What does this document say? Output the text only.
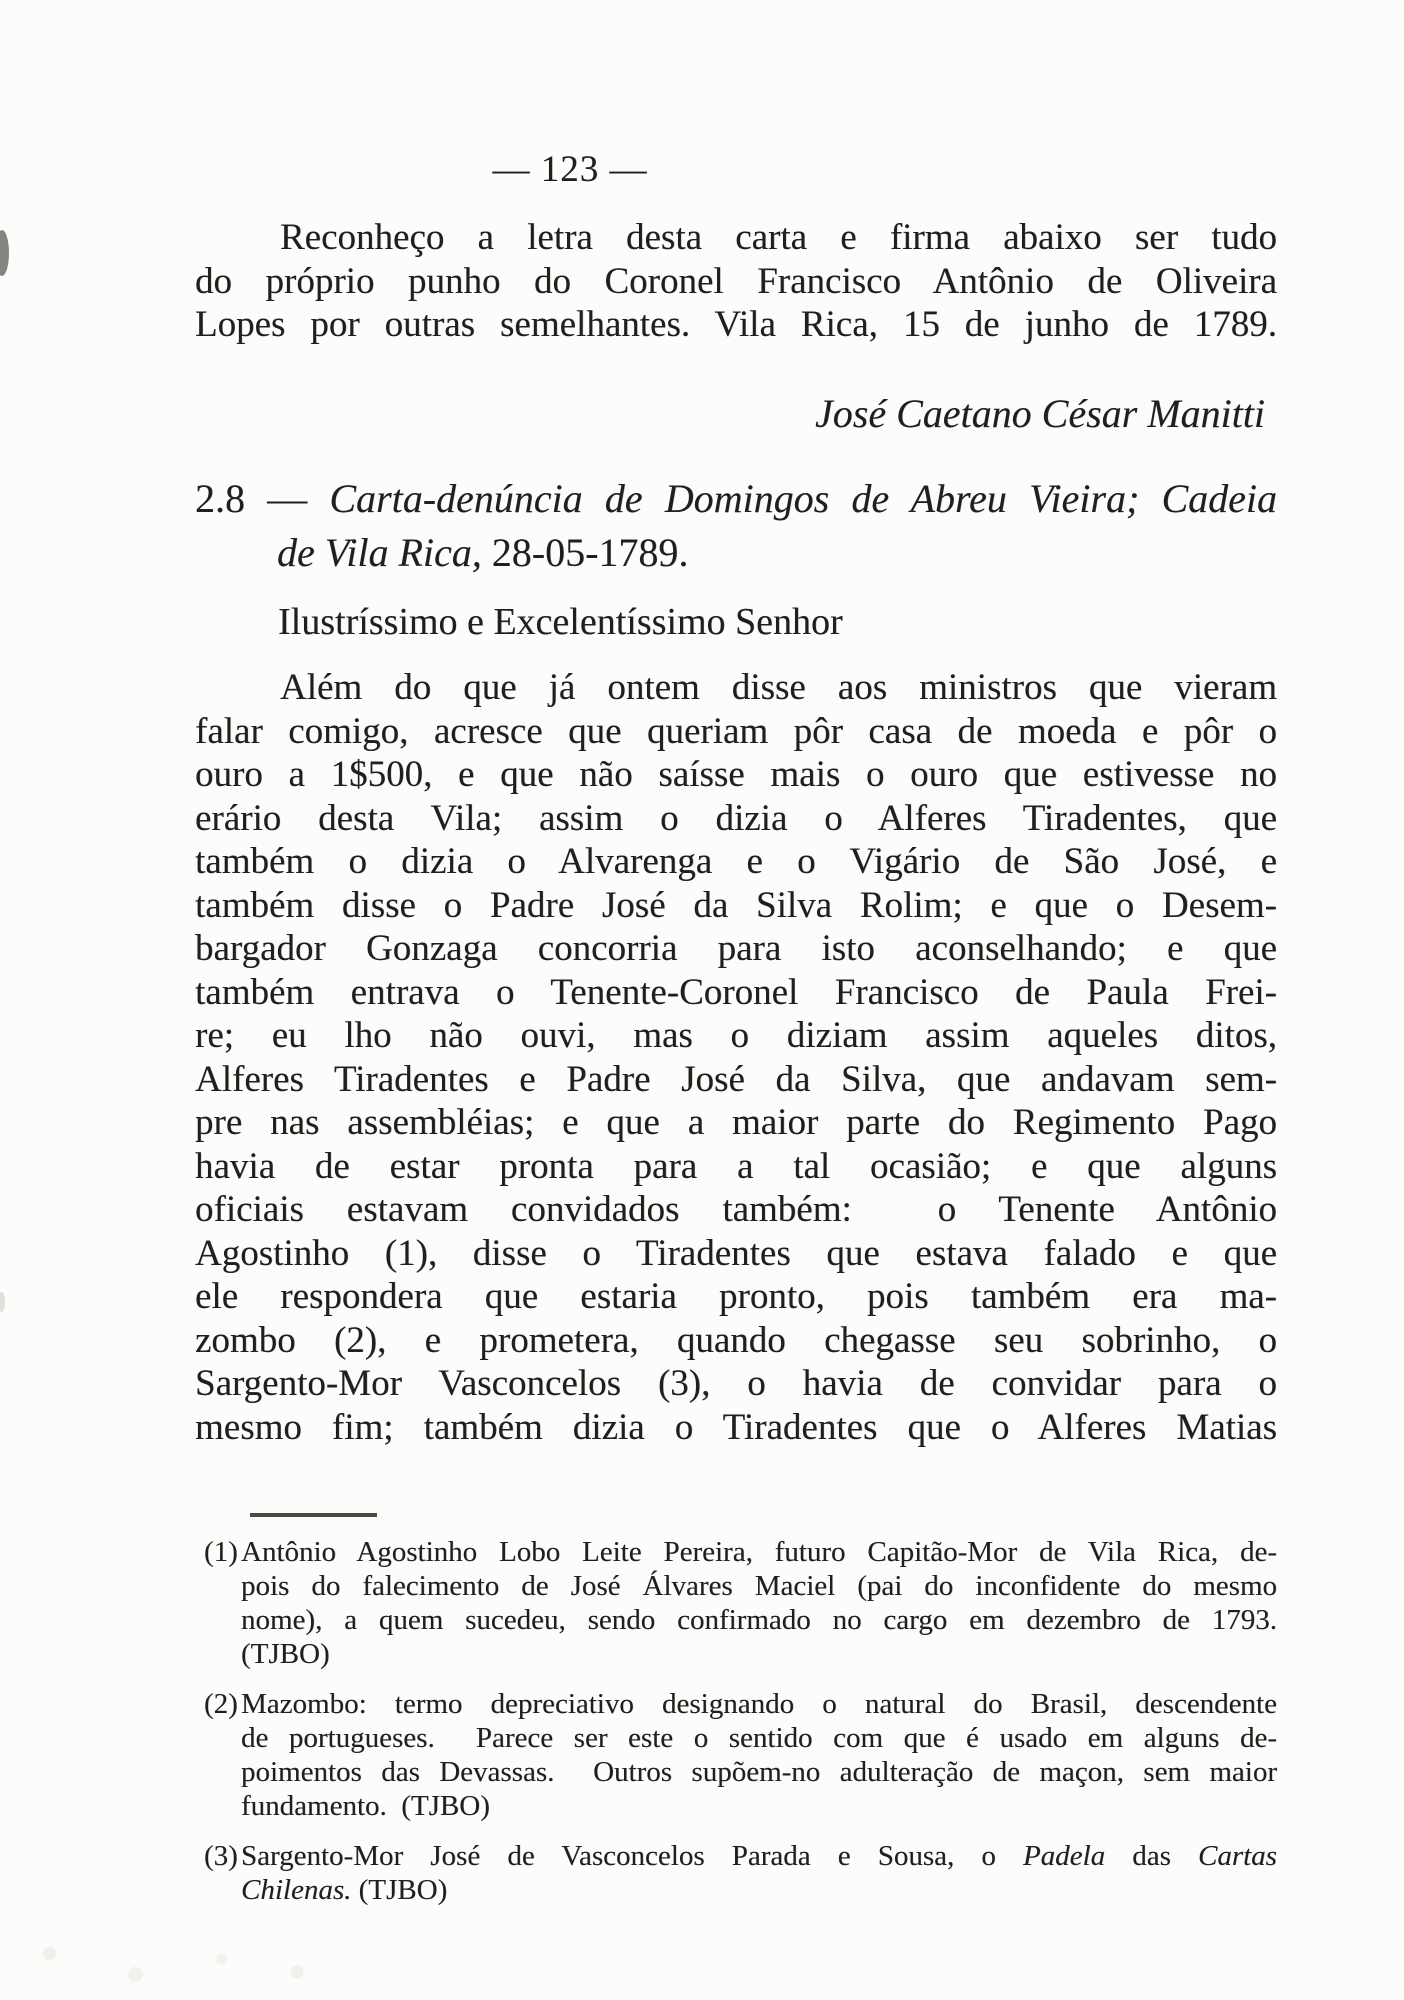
— 123 —
Reconheço a letra desta carta e firma abaixo ser tudo
do próprio punho do Coronel Francisco Antônio de Oliveira
Lopes por outras semelhantes. Vila Rica, 15 de junho de 1789.
José Caetano César Manitti
2.8 — Carta-denúncia de Domingos de Abreu Vieira; Cadeia
de Vila Rica, 28-05-1789.
Ilustríssimo e Excelentíssimo Senhor
Além do que já ontem disse aos ministros que vieram
falar comigo, acresce que queriam pôr casa de moeda e pôr o
ouro a 1$500, e que não saísse mais o ouro que estivesse no
erário desta Vila; assim o dizia o Alferes Tiradentes, que
também o dizia o Alvarenga e o Vigário de São José, e
também disse o Padre José da Silva Rolim; e que o Desem-
bargador Gonzaga concorria para isto aconselhando; e que
também entrava o Tenente-Coronel Francisco de Paula Frei-
re; eu lho não ouvi, mas o diziam assim aqueles ditos,
Alferes Tiradentes e Padre José da Silva, que andavam sem-
pre nas assembléias; e que a maior parte do Regimento Pago
havia de estar pronta para a tal ocasião; e que alguns
oficiais estavam convidados também:  o Tenente Antônio
Agostinho (1), disse o Tiradentes que estava falado e que
ele respondera que estaria pronto, pois também era ma-
zombo (2), e prometera, quando chegasse seu sobrinho, o
Sargento-Mor Vasconcelos (3), o havia de convidar para o
mesmo fim; também dizia o Tiradentes que o Alferes Matias
(1) Antônio Agostinho Lobo Leite Pereira, futuro Capitão-Mor de Vila Rica, de-
pois do falecimento de José Álvares Maciel (pai do inconfidente do mesmo
nome), a quem sucedeu, sendo confirmado no cargo em dezembro de 1793.
(TJBO)
(2) Mazombo: termo depreciativo designando o natural do Brasil, descendente
de portugueses.  Parece ser este o sentido com que é usado em alguns de-
poimentos das Devassas.  Outros supõem-no adulteração de maçon, sem maior
fundamento.  (TJBO)
(3) Sargento-Mor José de Vasconcelos Parada e Sousa, o Padela das Cartas
Chilenas. (TJBO)
